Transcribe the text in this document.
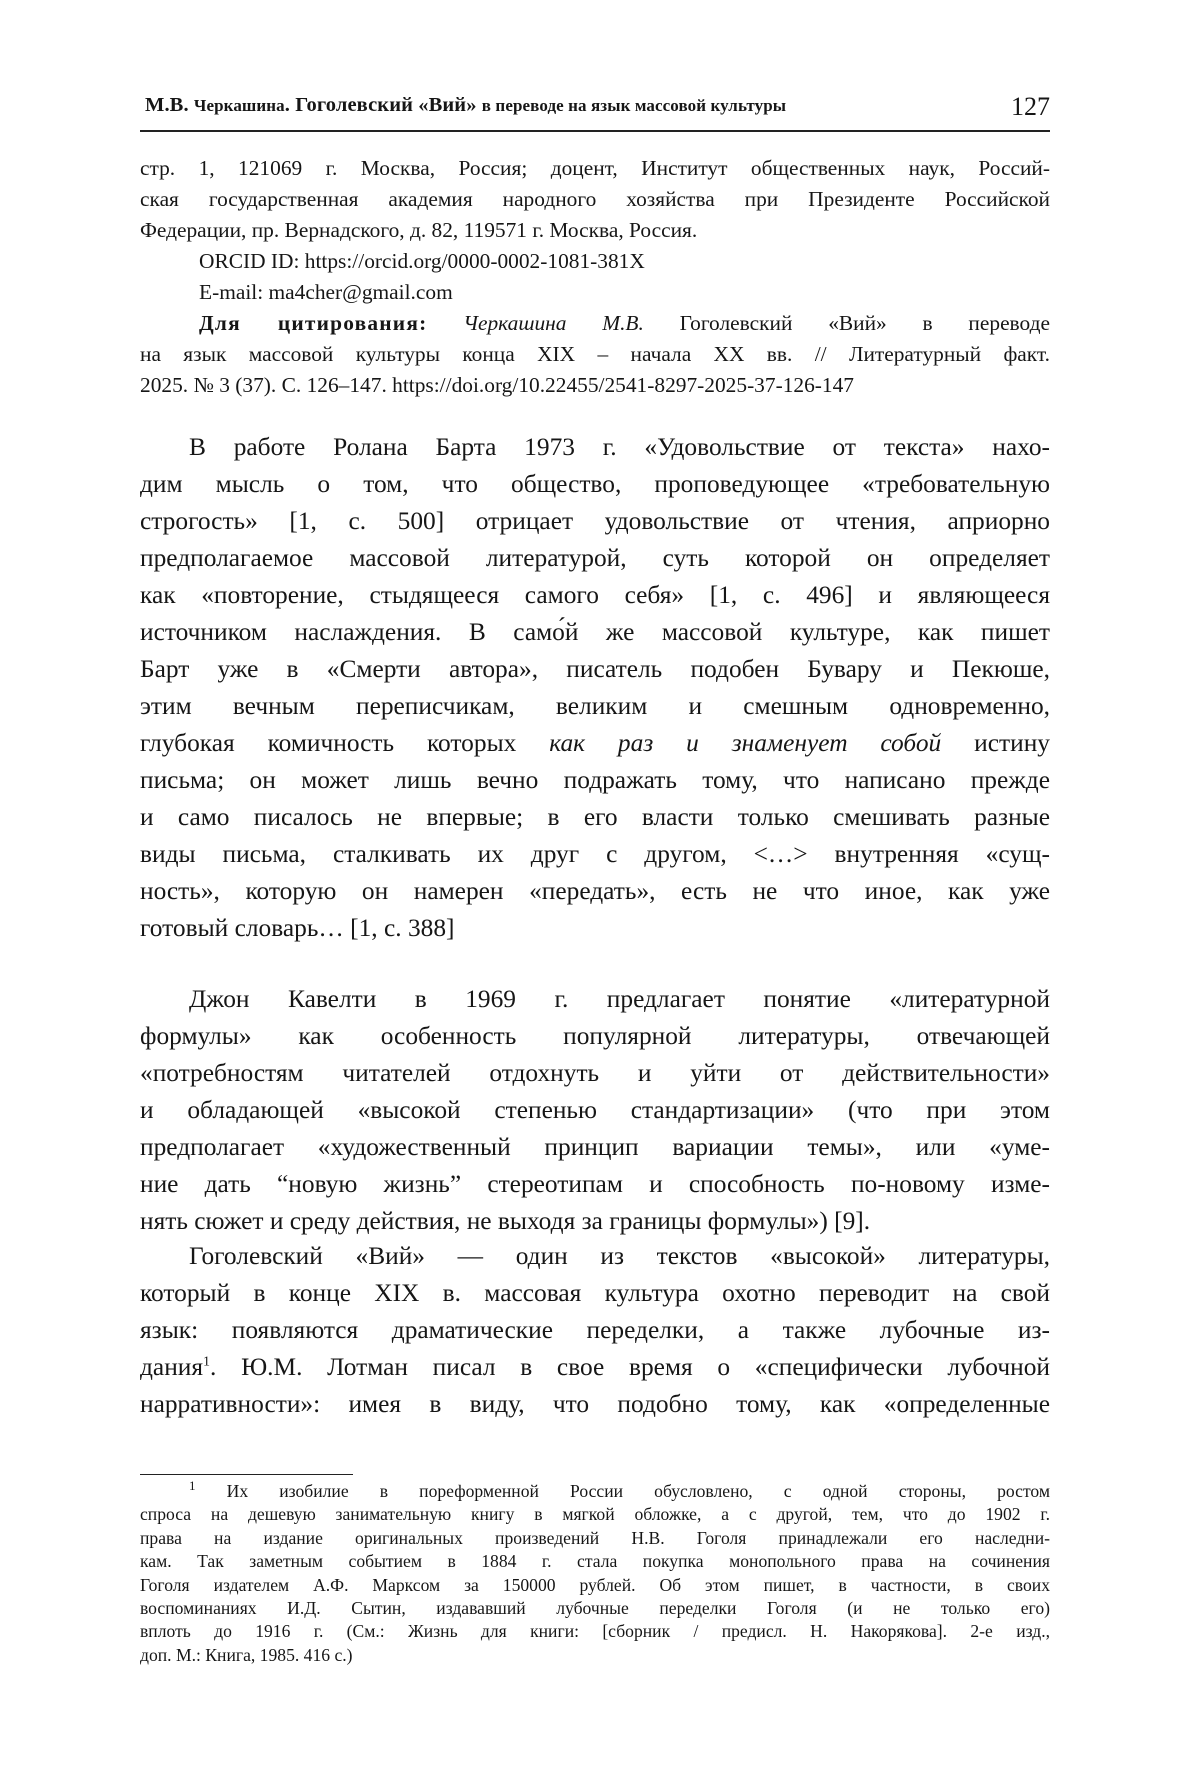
М.В. Черкашина. Гоголевский «Вий» в переводе на язык массовой культуры	127
стр. 1, 121069 г. Москва, Россия; доцент, Институт общественных наук, Россий-
ская государственная академия народного хозяйства при Президенте Российской
Федерации, пр. Вернадского, д. 82, 119571 г. Москва, Россия.
ORCID ID: https://orcid.org/0000-0002-1081-381X
E-mail: ma4cher@gmail.com
Для цитирования: Черкашина М.В. Гоголевский «Вий» в переводе
на язык массовой культуры конца XIX – начала XX вв. // Литературный факт.
2025. № 3 (37). С. 126–147. https://doi.org/10.22455/2541-8297-2025-37-126-147
В работе Ролана Барта 1973 г. «Удовольствие от текста» нахо-
дим мысль о том, что общество, проповедующее «требовательную
строгость» [1, с. 500] отрицает удовольствие от чтения, априорно
предполагаемое массовой литературой, суть которой он определяет
как «повторение, стыдящееся самого себя» [1, с. 496] и являющееся
источником наслаждения. В само́й же массовой культуре, как пишет
Барт уже в «Смерти автора», писатель подобен Бувару и Пекюше,
этим вечным переписчикам, великим и смешным одновременно,
глубокая комичность которых как раз и знаменует собой истину
письма; он может лишь вечно подражать тому, что написано прежде
и само писалось не впервые; в его власти только смешивать разные
виды письма, сталкивать их друг с другом, <…> внутренняя «сущ-
ность», которую он намерен «передать», есть не что иное, как уже
готовый словарь… [1, с. 388]
Джон Кавелти в 1969 г. предлагает понятие «литературной
формулы» как особенность популярной литературы, отвечающей
«потребностям читателей отдохнуть и уйти от действительности»
и обладающей «высокой степенью стандартизации» (что при этом
предполагает «художественный принцип вариации темы», или «уме-
ние дать “новую жизнь” стереотипам и способность по-новому изме-
нять сюжет и среду действия, не выходя за границы формулы») [9].
Гоголевский «Вий» — один из текстов «высокой» литературы,
который в конце XIX в. массовая культура охотно переводит на свой
язык: появляются драматические переделки, а также лубочные из-
дания$^1$. Ю.М. Лотман писал в свое время о «специфически лубочной
нарративности»: имея в виду, что подобно тому, как «определенные
$^1$ Их изобилие в пореформенной России обусловлено, с одной стороны, ростом
спроса на дешевую занимательную книгу в мягкой обложке, а с другой, тем, что до 1902 г.
права на издание оригинальных произведений Н.В. Гоголя принадлежали его наследни-
кам. Так заметным событием в 1884 г. стала покупка монопольного права на сочинения
Гоголя издателем А.Ф. Марксом за 150000 рублей. Об этом пишет, в частности, в своих
воспоминаниях И.Д. Сытин, издававший лубочные переделки Гоголя (и не только его)
вплоть до 1916 г. (См.: Жизнь для книги: [сборник / предисл. Н. Накорякова]. 2-е изд.,
доп. М.: Книга, 1985. 416 с.)
